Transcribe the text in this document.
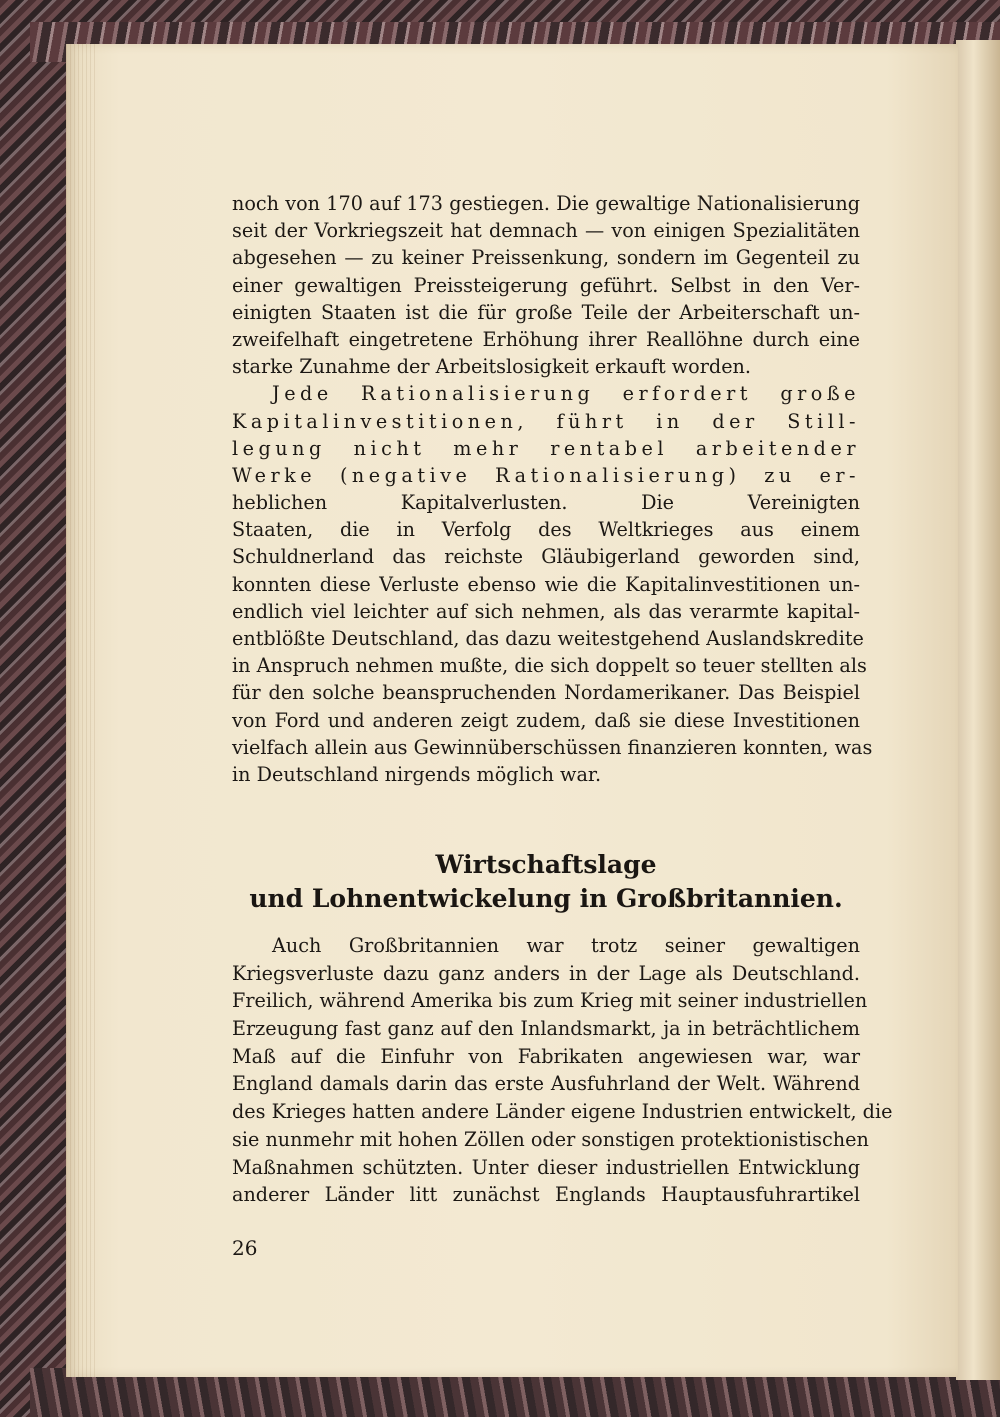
noch von 170 auf 173 gestiegen. Die gewaltige Nationalisierung
seit der Vorkriegszeit hat demnach — von einigen Spezialitäten
abgesehen — zu keiner Preissenkung, sondern im Gegenteil zu
einer gewaltigen Preissteigerung geführt. Selbst in den Ver-
einigten Staaten ist die für große Teile der Arbeiterschaft un-
zweifelhaft eingetretene Erhöhung ihrer Reallöhne durch eine
starke Zunahme der Arbeitslosigkeit erkauft worden.
Jede Rationalisierung erfordert große
Kapitalinvestitionen, führt in der Still-
legung nicht mehr rentabel arbeitender
Werke (negative Rationalisierung) zu er-
heblichen Kapitalverlusten. Die Vereinigten
Staaten, die in Verfolg des Weltkrieges aus einem
Schuldnerland das reichste Gläubigerland geworden sind,
konnten diese Verluste ebenso wie die Kapitalinvestitionen un-
endlich viel leichter auf sich nehmen, als das verarmte kapital-
entblößte Deutschland, das dazu weitestgehend Auslandskredite
in Anspruch nehmen mußte, die sich doppelt so teuer stellten als
für den solche beanspruchenden Nordamerikaner. Das Beispiel
von Ford und anderen zeigt zudem, daß sie diese Investitionen
vielfach allein aus Gewinnüberschüssen finanzieren konnten, was
in Deutschland nirgends möglich war.
Wirtschaftslage
und Lohnentwickelung in Großbritannien.
Auch Großbritannien war trotz seiner gewaltigen
Kriegsverluste dazu ganz anders in der Lage als Deutschland.
Freilich, während Amerika bis zum Krieg mit seiner industriellen
Erzeugung fast ganz auf den Inlandsmarkt, ja in beträchtlichem
Maß auf die Einfuhr von Fabrikaten angewiesen war, war
England damals darin das erste Ausfuhrland der Welt. Während
des Krieges hatten andere Länder eigene Industrien entwickelt, die
sie nunmehr mit hohen Zöllen oder sonstigen protektionistischen
Maßnahmen schützten. Unter dieser industriellen Entwicklung
anderer Länder litt zunächst Englands Hauptausfuhrartikel
26
